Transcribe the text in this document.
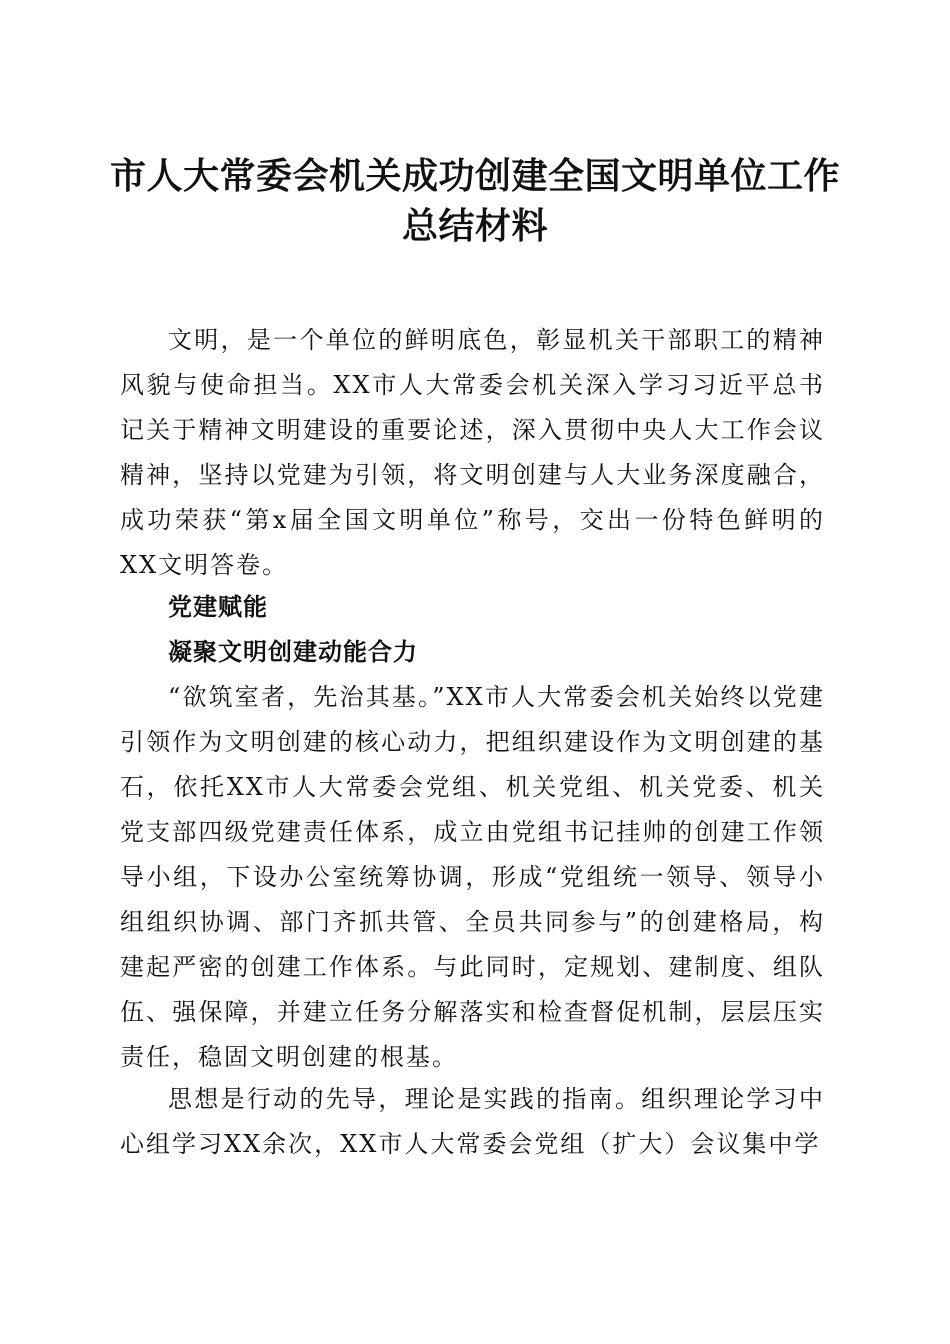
市人大常委会机关成功创建全国文明单位工作
总结材料

文明，是一个单位的鲜明底色，彰显机关干部职工的精神风貌与使命担当。XX市人大常委会机关深入学习习近平总书记关于精神文明建设的重要论述，深入贯彻中央人大工作会议精神，坚持以党建为引领，将文明创建与人大业务深度融合，成功荣获“第x届全国文明单位”称号，交出一份特色鲜明的XX文明答卷。

党建赋能
凝聚文明创建动能合力

“欲筑室者，先治其基。”XX市人大常委会机关始终以党建引领作为文明创建的核心动力，把组织建设作为文明创建的基石，依托XX市人大常委会党组、机关党组、机关党委、机关党支部四级党建责任体系，成立由党组书记挂帅的创建工作领导小组，下设办公室统筹协调，形成“党组统一领导、领导小组组织协调、部门齐抓共管、全员共同参与”的创建格局，构建起严密的创建工作体系。与此同时，定规划、建制度、组队伍、强保障，并建立任务分解落实和检查督促机制，层层压实责任，稳固文明创建的根基。

思想是行动的先导，理论是实践的指南。组织理论学习中心组学习XX余次，XX市人大常委会党组（扩大）会议集中学
